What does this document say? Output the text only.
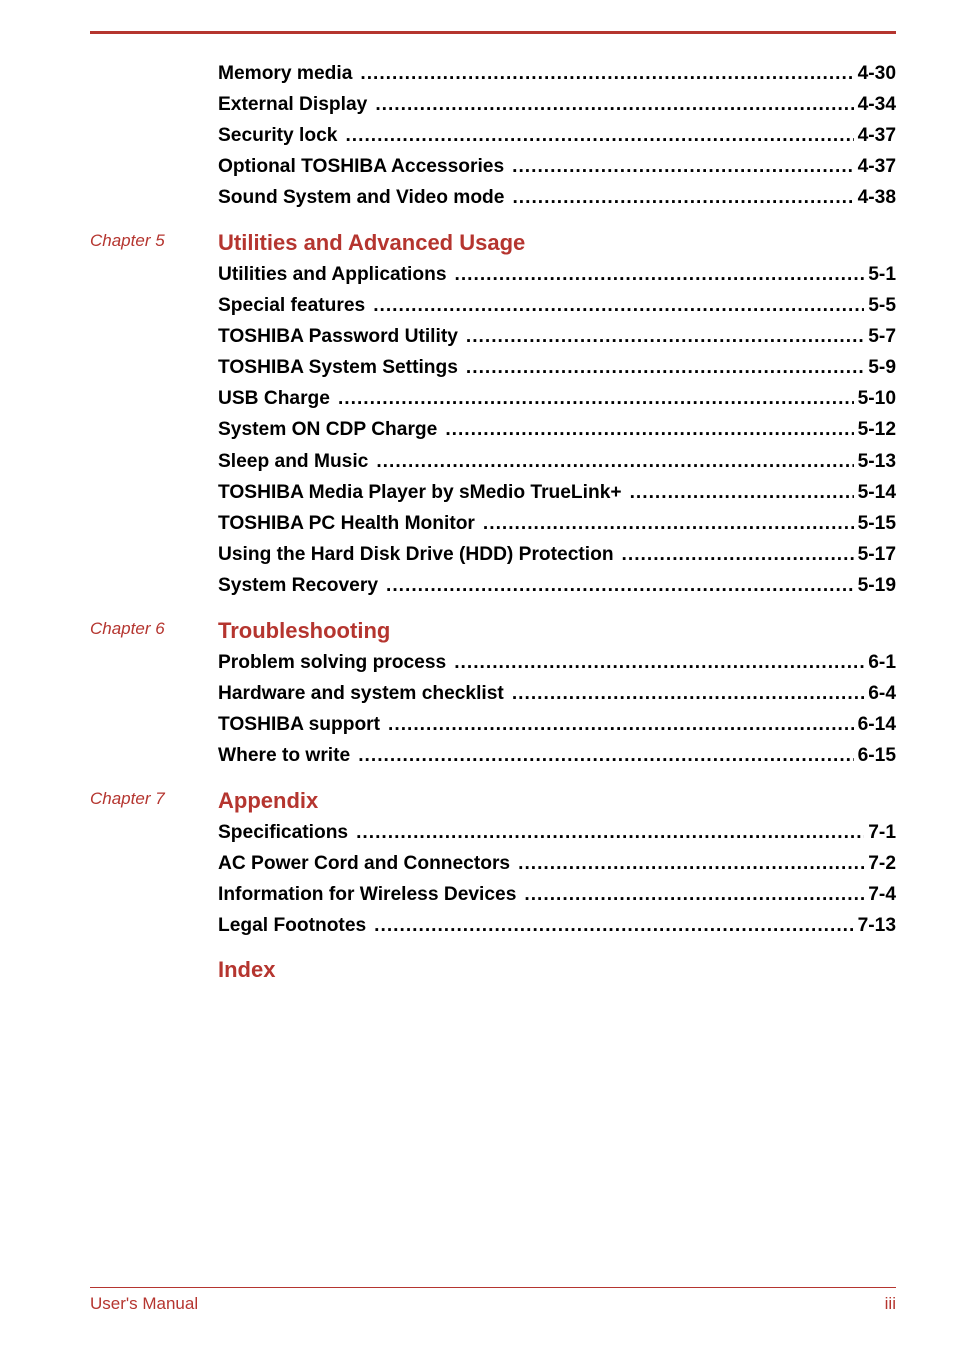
Memory media .....	4-30
External Display .....	4-34
Security lock .....	4-37
Optional TOSHIBA Accessories .....	4-37
Sound System and Video mode .....	4-38
Chapter 5 Utilities and Advanced Usage
Utilities and Applications .....	5-1
Special features .....	5-5
TOSHIBA Password Utility .....	5-7
TOSHIBA System Settings .....	5-9
USB Charge .....	5-10
System ON CDP Charge .....	5-12
Sleep and Music .....	5-13
TOSHIBA Media Player by sMedio TrueLink+ .....	5-14
TOSHIBA PC Health Monitor .....	5-15
Using the Hard Disk Drive (HDD) Protection .....	5-17
System Recovery .....	5-19
Chapter 6 Troubleshooting
Problem solving process .....	6-1
Hardware and system checklist .....	6-4
TOSHIBA support .....	6-14
Where to write .....	6-15
Chapter 7 Appendix
Specifications .....	7-1
AC Power Cord and Connectors .....	7-2
Information for Wireless Devices .....	7-4
Legal Footnotes .....	7-13
Index
User's Manual	iii
